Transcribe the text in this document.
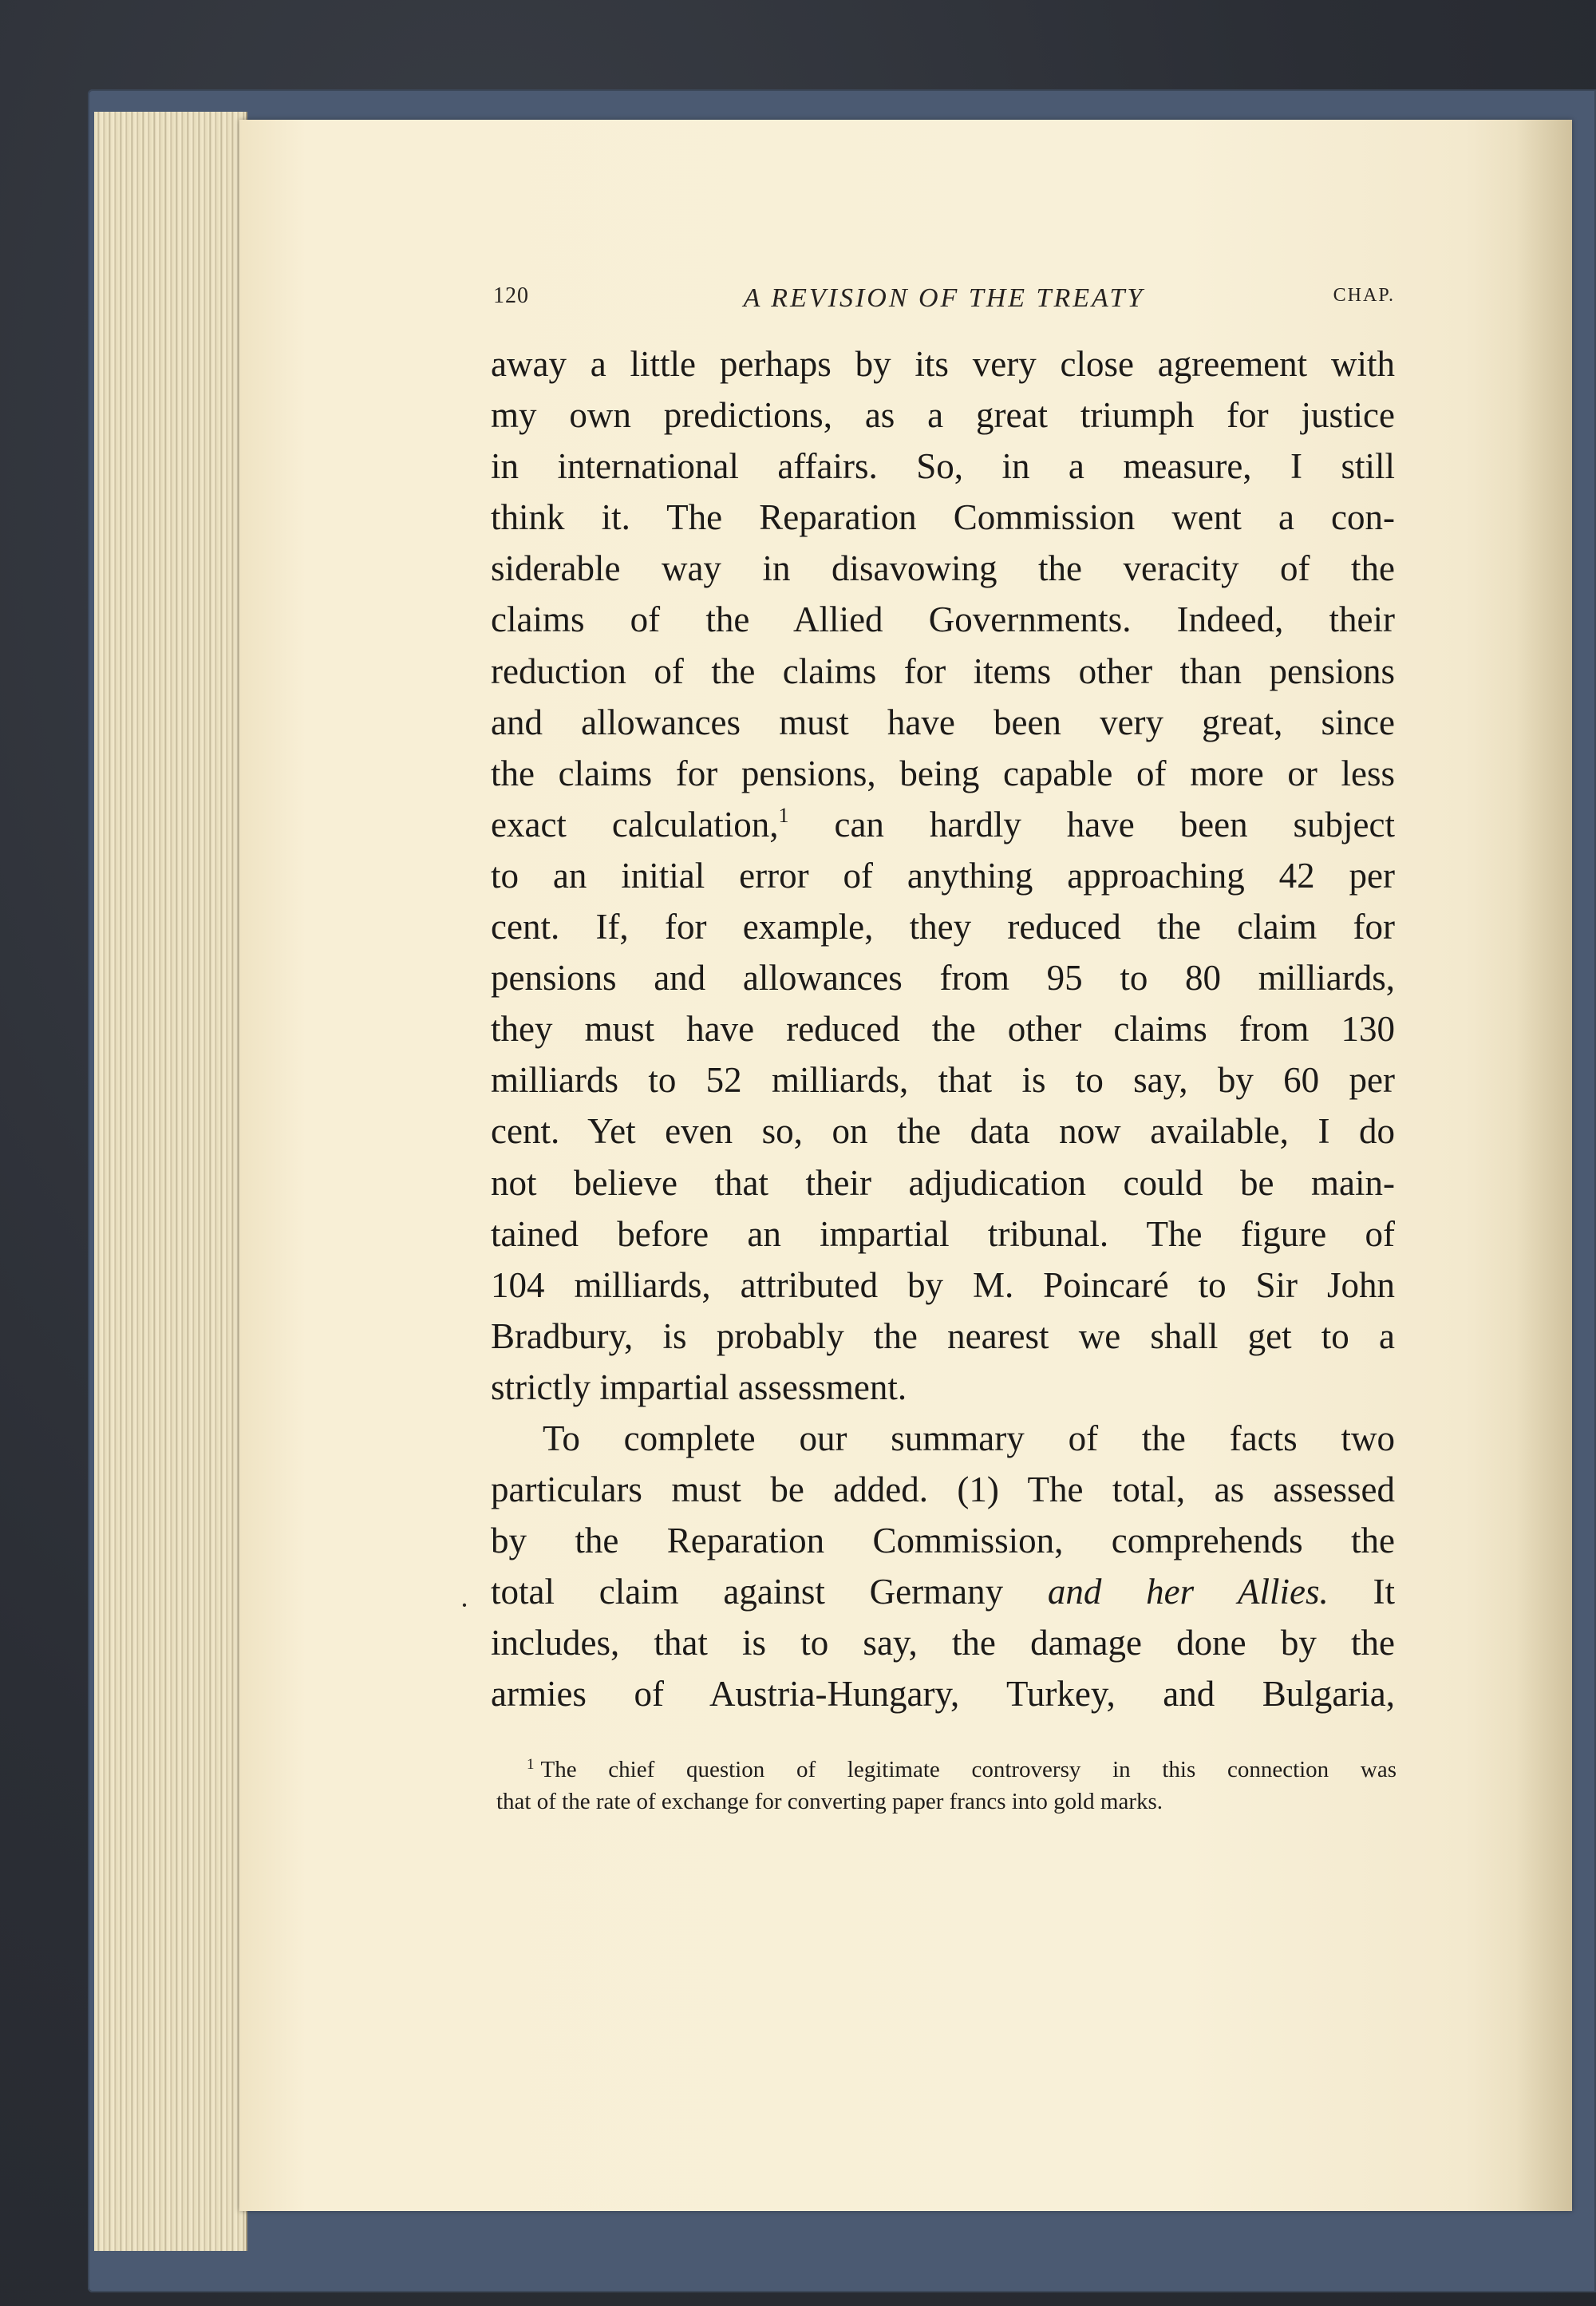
120	A REVISION OF THE TREATY	CHAP.
away a little perhaps by its very close agreement with
my own predictions, as a great triumph for justice
in international affairs. So, in a measure, I still
think it. The Reparation Commission went a con-
siderable way in disavowing the veracity of the
claims of the Allied Governments. Indeed, their
reduction of the claims for items other than pensions
and allowances must have been very great, since
the claims for pensions, being capable of more or less
exact calculation,$^1$ can hardly have been subject
to an initial error of anything approaching 42 per
cent. If, for example, they reduced the claim for
pensions and allowances from 95 to 80 milliards,
they must have reduced the other claims from 130
milliards to 52 milliards, that is to say, by 60 per
cent. Yet even so, on the data now available, I do
not believe that their adjudication could be main-
tained before an impartial tribunal. The figure of
104 milliards, attributed by M. Poincaré to Sir John
Bradbury, is probably the nearest we shall get to a
strictly impartial assessment.
To complete our summary of the facts two
particulars must be added. (1) The total, as assessed
by the Reparation Commission, comprehends the
total claim against Germany and her Allies. It
includes, that is to say, the damage done by the
armies of Austria-Hungary, Turkey, and Bulgaria,
·
$^1$ The chief question of legitimate controversy in this connection was
that of the rate of exchange for converting paper francs into gold marks.
